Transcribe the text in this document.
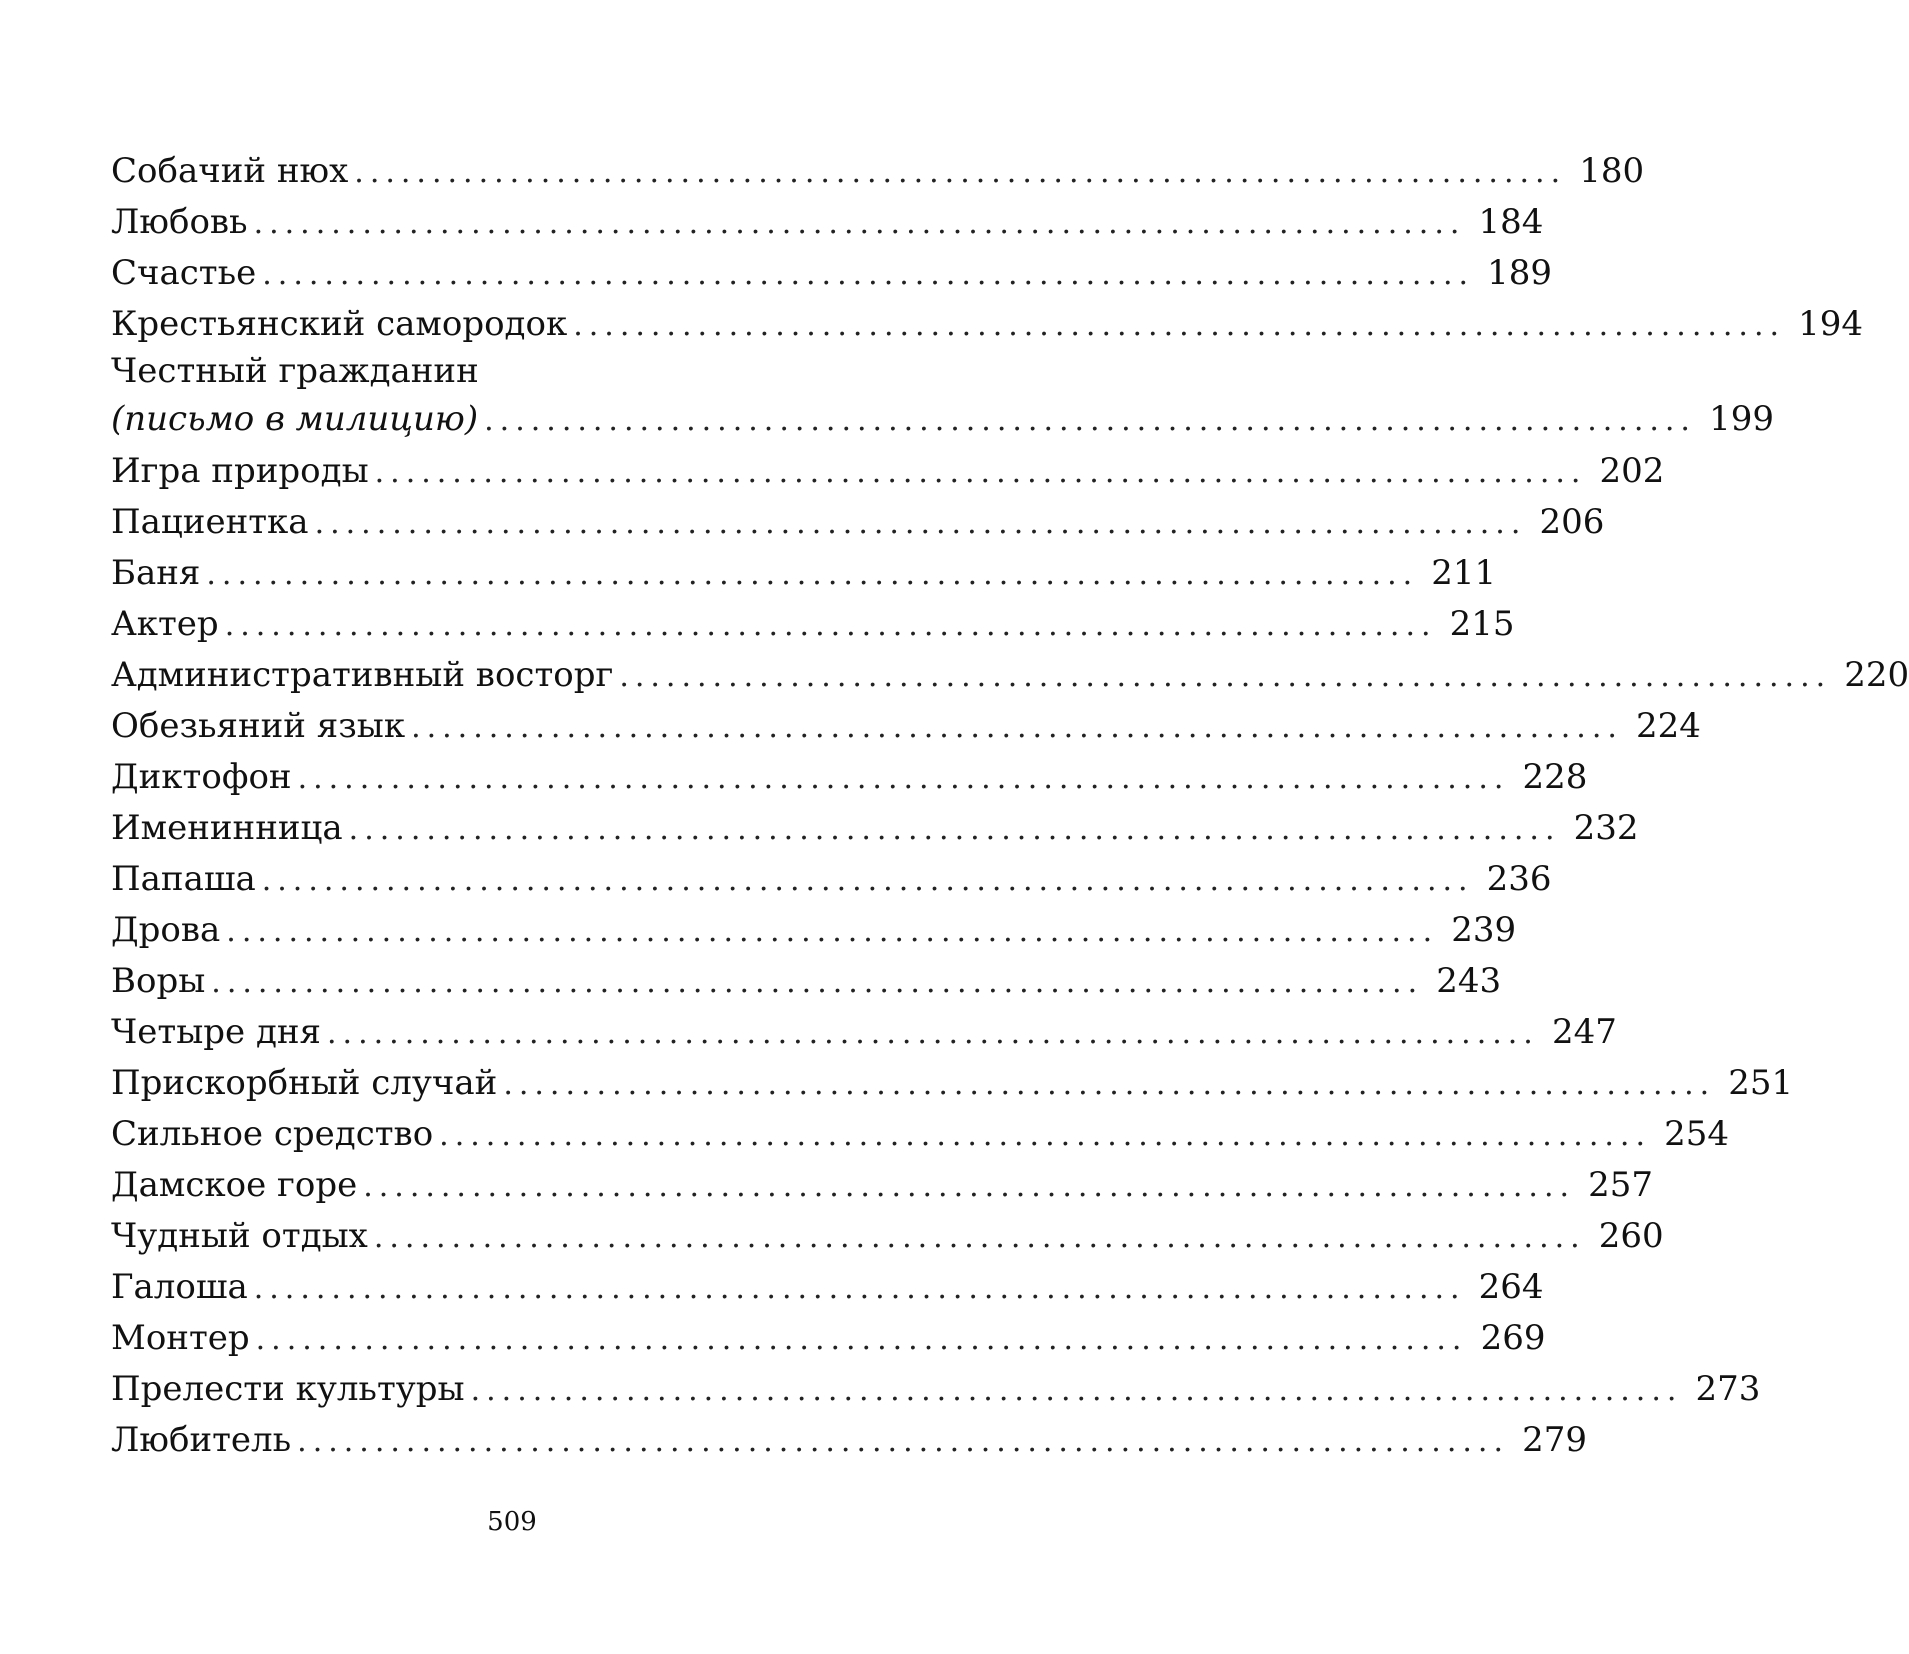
Собачий нюх .............................................................................. 180
Любовь .............................................................................. 184
Счастье .............................................................................. 189
Крестьянский самородок .............................................................................. 194
Честный гражданин
(письмо в милицию) .............................................................................. 199
Игра природы .............................................................................. 202
Пациентка .............................................................................. 206
Баня .............................................................................. 211
Актер .............................................................................. 215
Административный восторг .............................................................................. 220
Обезьяний язык .............................................................................. 224
Диктофон .............................................................................. 228
Именинница .............................................................................. 232
Папаша .............................................................................. 236
Дрова .............................................................................. 239
Воры .............................................................................. 243
Четыре дня .............................................................................. 247
Прискорбный случай .............................................................................. 251
Сильное средство .............................................................................. 254
Дамское горе .............................................................................. 257
Чудный отдых .............................................................................. 260
Галоша .............................................................................. 264
Монтер .............................................................................. 269
Прелести культуры .............................................................................. 273
Любитель .............................................................................. 279
509
